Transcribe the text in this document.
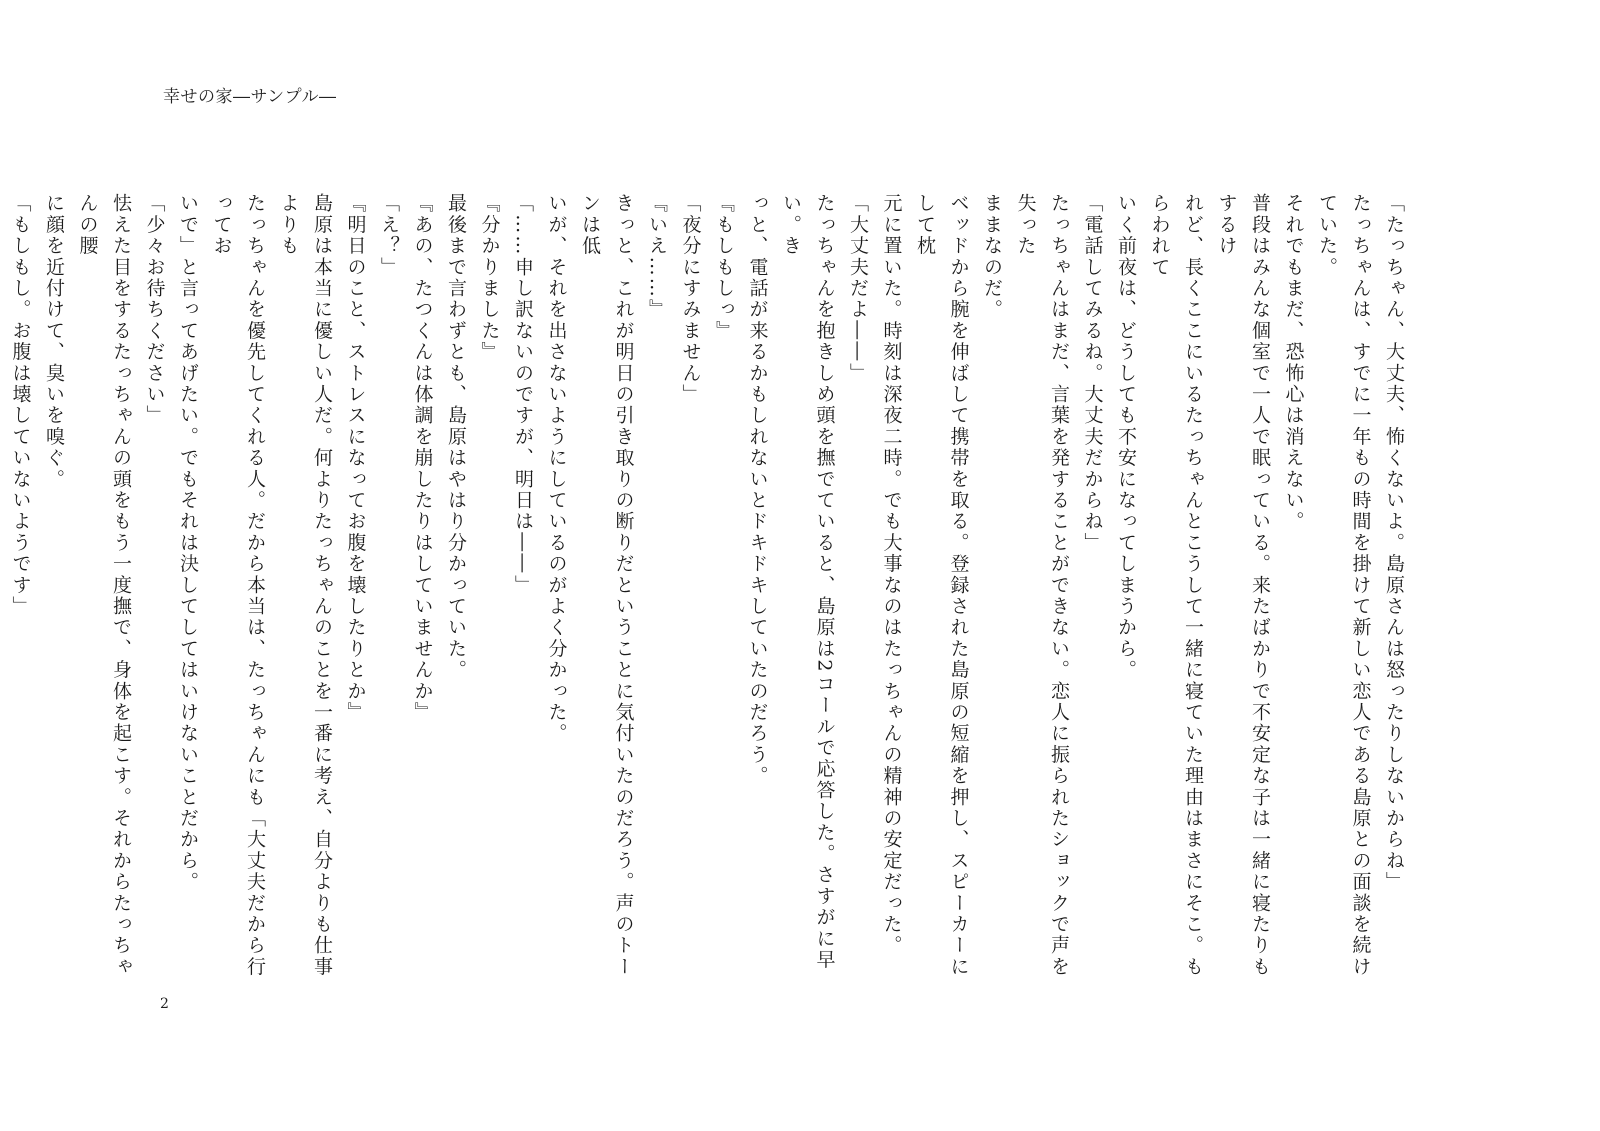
幸せの家―サンプル―

「たっちゃん、大丈夫、怖くないよ。島原さんは怒ったりしないからね」

たっちゃんは、すでに一年もの時間を掛けて新しい恋人である島原との面談を続けていた。

それでもまだ、恐怖心は消えない。

普段はみんな個室で一人で眠っている。来たばかりで不安定な子は一緒に寝たりもするけ

れど、長くここにいるたっちゃんとこうして一緒に寝ていた理由はまさにそこ。もらわれて

いく前夜は、どうしても不安になってしまうから。

「電話してみるね。大丈夫だからね」

たっちゃんはまだ、言葉を発することができない。恋人に振られたショックで声を失った

ままなのだ。

ベッドから腕を伸ばして携帯を取る。登録された島原の短縮を押し、スピーカーにして枕

元に置いた。時刻は深夜二時。でも大事なのはたっちゃんの精神の安定だった。

「大丈夫だよ――」

たっちゃんを抱きしめ頭を撫でていると、島原は2コールで応答した。さすがに早い。き

っと、電話が来るかもしれないとドキドキしていたのだろう。

『もしもしっ』

「夜分にすみません」

『いえ……』

きっと、これが明日の引き取りの断りだということに気付いたのだろう。声のトーンは低

いが、それを出さないようにしているのがよく分かった。

「……申し訳ないのですが、明日は――」

『分かりました』

最後まで言わずとも、島原はやはり分かっていた。

『あの、たつくんは体調を崩したりはしていませんか』

「え？」

『明日のこと、ストレスになってお腹を壊したりとか』

島原は本当に優しい人だ。何よりたっちゃんのことを一番に考え、自分よりも仕事よりも

たっちゃんを優先してくれる人。だから本当は、たっちゃんにも「大丈夫だから行ってお

いで」と言ってあげたい。でもそれは決してしてはいけないことだから。

「少々お待ちください」

怯えた目をするたっちゃんの頭をもう一度撫で、身体を起こす。それからたっちゃんの腰

に顔を近付けて、臭いを嗅ぐ。

「もしもし。お腹は壊していないようです」

2
